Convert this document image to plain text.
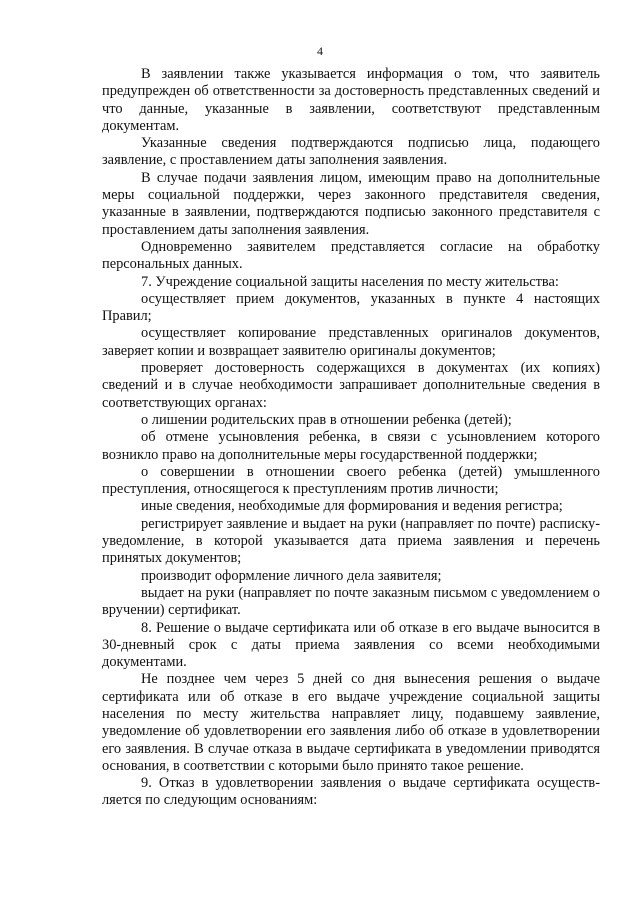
4

В заявлении также указывается информация о том, что заявитель предупрежден об ответственности за достоверность представленных сведений и что данные, указанные в заявлении, соответствуют представленным документам.

Указанные сведения подтверждаются подписью лица, подающего заявление, с проставлением даты заполнения заявления.

В случае подачи заявления лицом, имеющим право на дополнительные меры социальной поддержки, через законного представителя сведения, указанные в заявлении, подтверждаются подписью законного представителя с проставлением даты заполнения заявления.

Одновременно заявителем представляется согласие на обработку персональных данных.

7. Учреждение социальной защиты населения по месту жительства:

осуществляет прием документов, указанных в пункте 4 настоящих Правил;

осуществляет копирование представленных оригиналов документов, заверяет копии и возвращает заявителю оригиналы документов;

проверяет достоверность содержащихся в документах (их копиях) сведений и в случае необходимости запрашивает дополнительные сведения в соответствующих органах:

о лишении родительских прав в отношении ребенка (детей);

об отмене усыновления ребенка, в связи с усыновлением которого возникло право на дополнительные меры государственной поддержки;

о совершении в отношении своего ребенка (детей) умышленного преступления, относящегося к преступлениям против личности;

иные сведения, необходимые для формирования и ведения регистра;

регистрирует заявление и выдает на руки (направляет по почте) расписку-уведомление, в которой указывается дата приема заявления и перечень принятых документов;

производит оформление личного дела заявителя;

выдает на руки (направляет по почте заказным письмом с уведомлением о вручении) сертификат.

8. Решение о выдаче сертификата или об отказе в его выдаче выносится в 30-дневный срок с даты приема заявления со всеми необходимыми документами.

Не позднее чем через 5 дней со дня вынесения решения о выдаче сертификата или об отказе в его выдаче учреждение социальной защиты населения по месту жительства направляет лицу, подавшему заявление, уведомление об удовлетворении его заявления либо об отказе в удовлетворении его заявления. В случае отказа в выдаче сертификата в уведомлении приводятся основания, в соответствии с которыми было принято такое решение.

9. Отказ в удовлетворении заявления о выдаче сертификата осуществляется по следующим основаниям:
